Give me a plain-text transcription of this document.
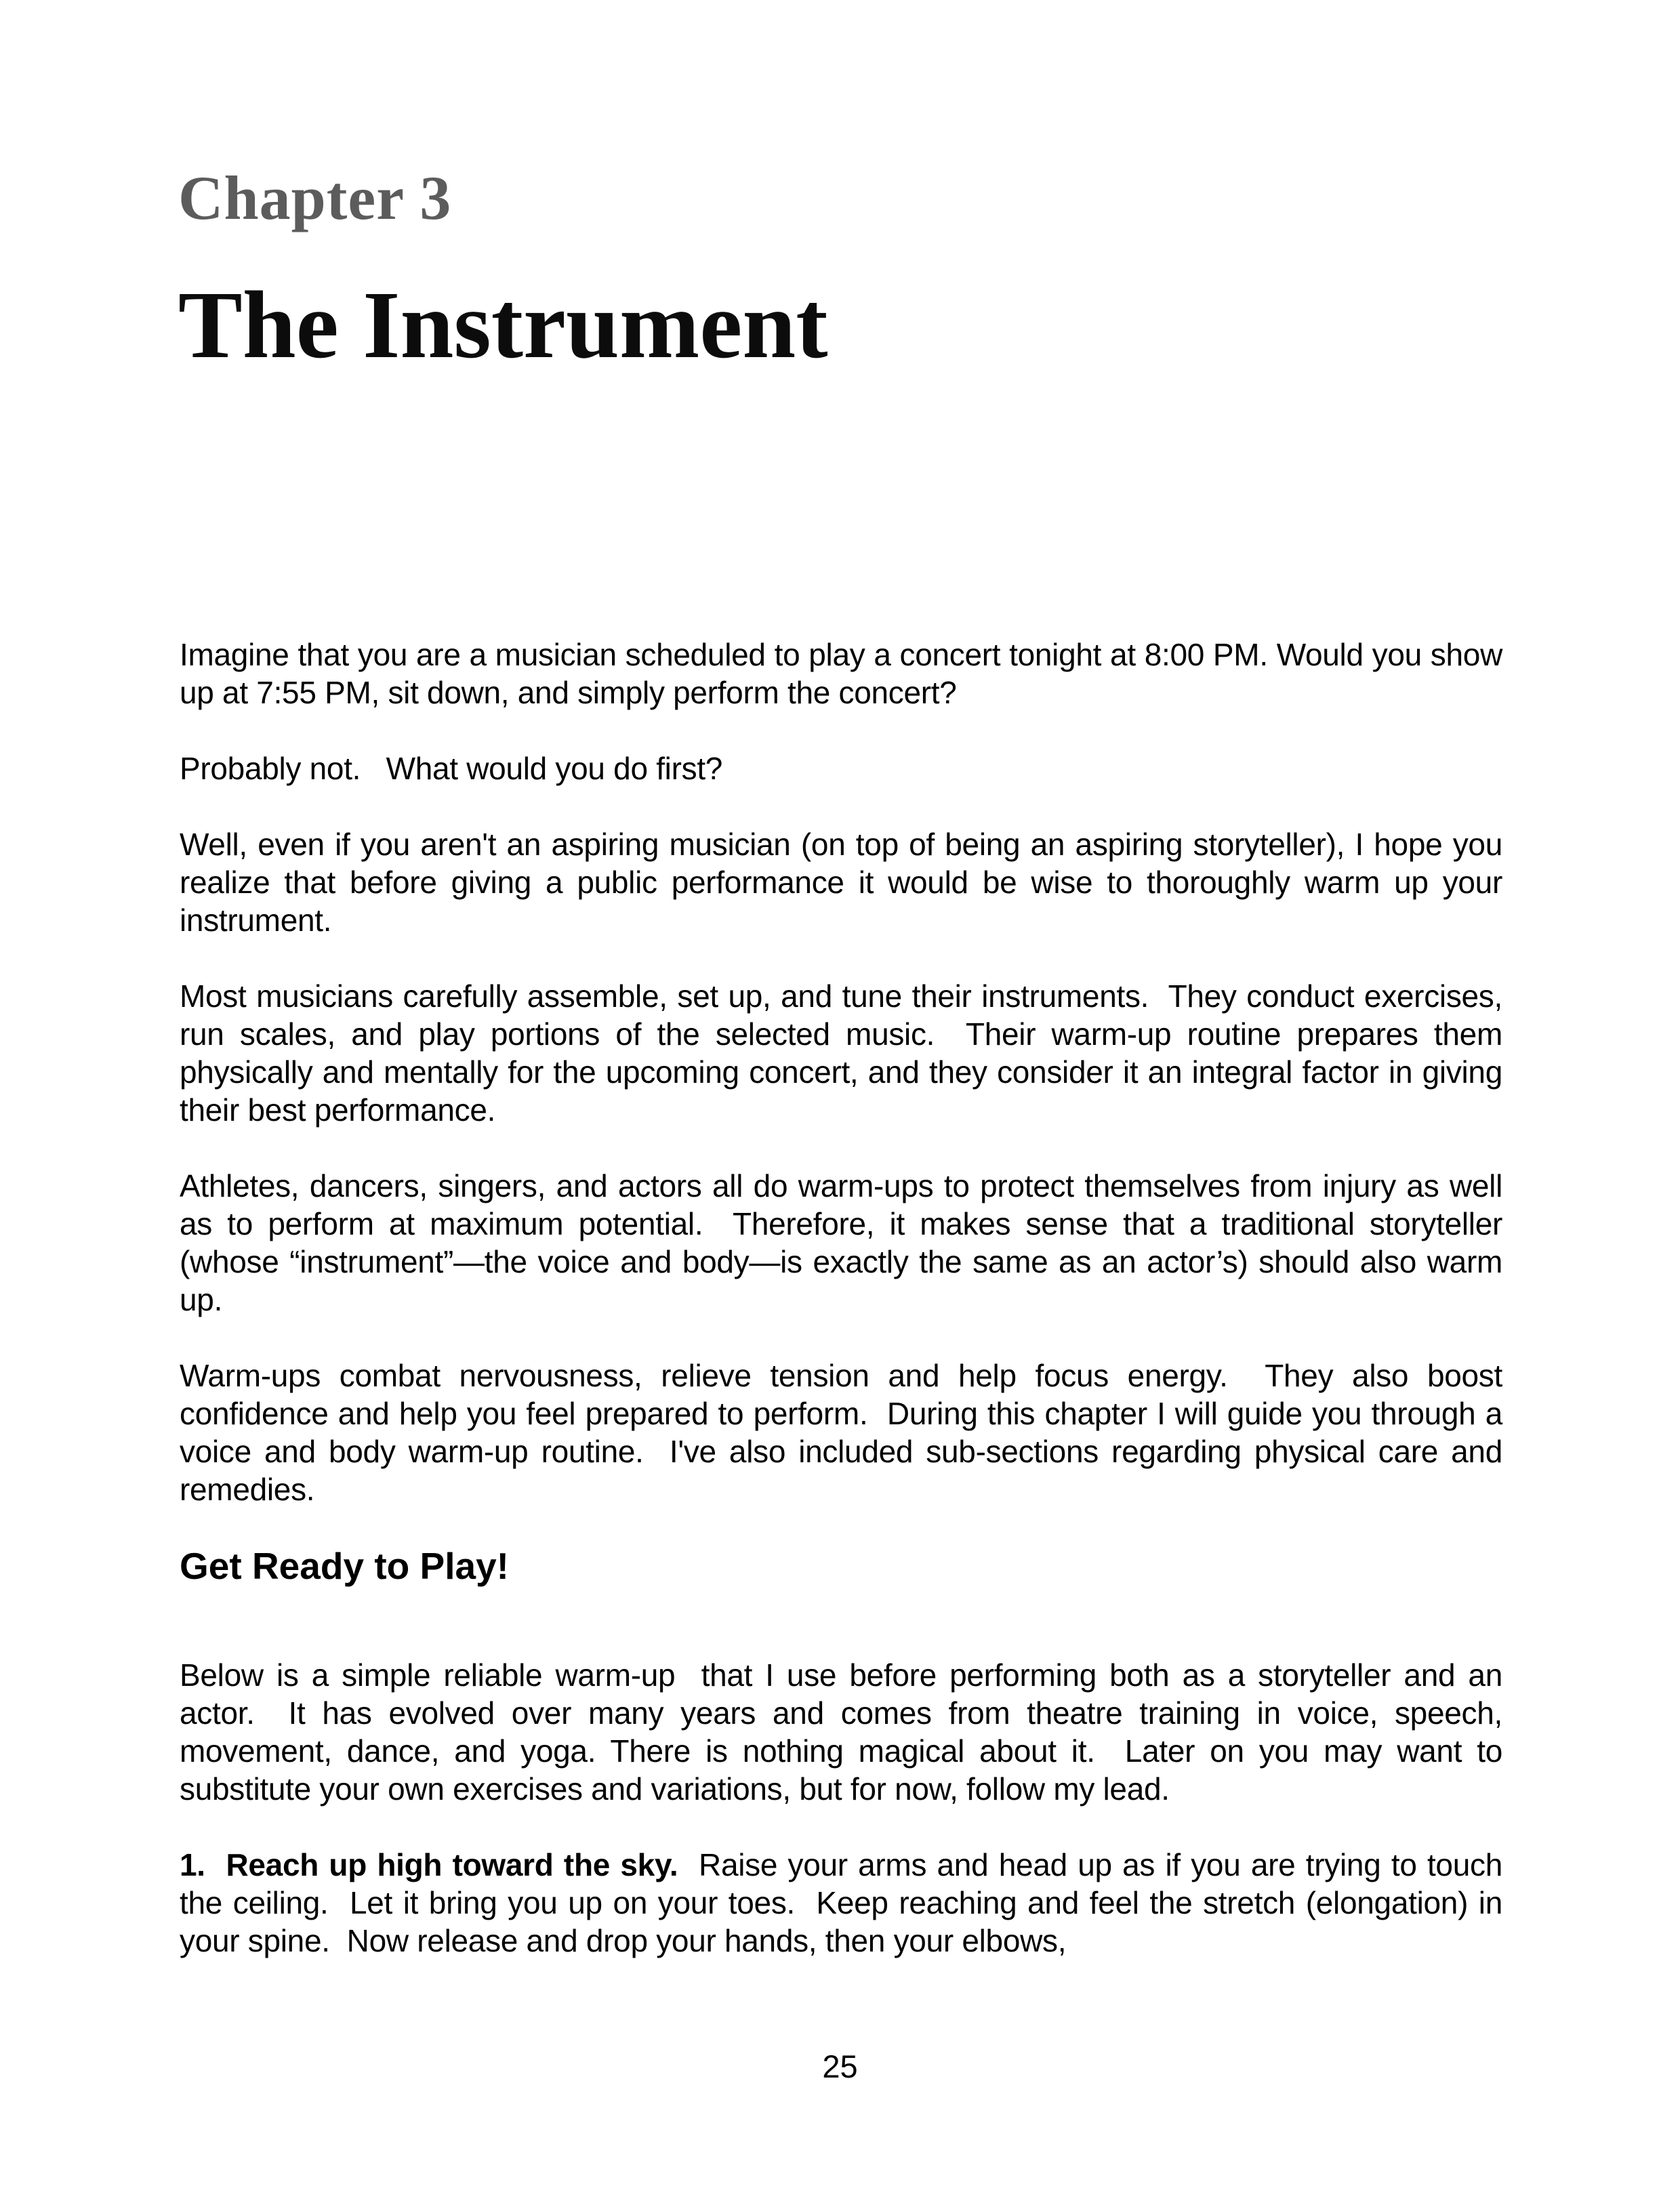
Chapter 3
The Instrument

Imagine that you are a musician scheduled to play a concert tonight at 8:00 PM. Would you show up at 7:55 PM, sit down, and simply perform the concert?

Probably not.   What would you do first?

Well, even if you aren't an aspiring musician (on top of being an aspiring storyteller), I hope you realize that before giving a public performance it would be wise to thoroughly warm up your instrument.

Most musicians carefully assemble, set up, and tune their instruments.  They conduct exercises, run scales, and play portions of the selected music.  Their warm-up routine prepares them physically and mentally for the upcoming concert, and they consider it an integral factor in giving their best performance.

Athletes, dancers, singers, and actors all do warm-ups to protect themselves from injury as well as to perform at maximum potential.  Therefore, it makes sense that a traditional storyteller (whose “instrument”—the voice and body—is exactly the same as an actor’s) should also warm up.

Warm-ups combat nervousness, relieve tension and help focus energy.  They also boost confidence and help you feel prepared to perform.  During this chapter I will guide you through a voice and body warm-up routine.  I've also included sub-sections regarding physical care and remedies.

Get Ready to Play!

Below is a simple reliable warm-up  that I use before performing both as a storyteller and an actor.  It has evolved over many years and comes from theatre training in voice, speech, movement, dance, and yoga. There is nothing magical about it.  Later on you may want to substitute your own exercises and variations, but for now, follow my lead.

1.  Reach up high toward the sky.  Raise your arms and head up as if you are trying to touch the ceiling.  Let it bring you up on your toes.  Keep reaching and feel the stretch (elongation) in your spine.  Now release and drop your hands, then your elbows,

25
